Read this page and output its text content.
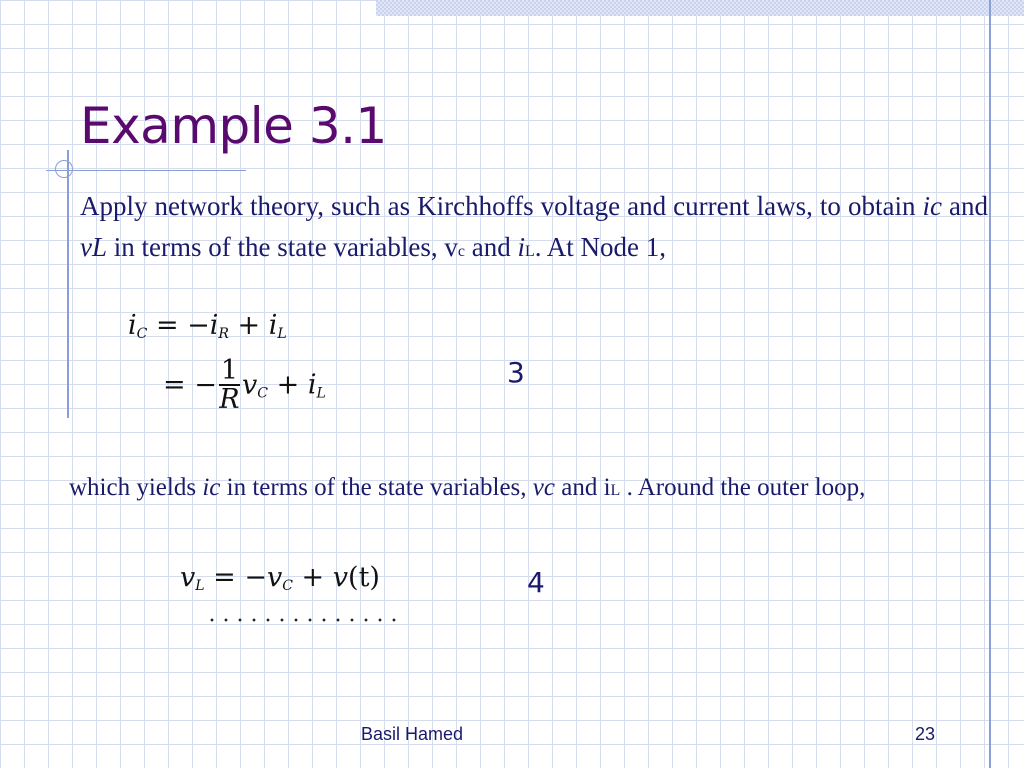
Example 3.1

Apply network theory, such as Kirchhoffs voltage and current laws, to obtain ic and vL in terms of the state variables, vc and iL. At Node 1,

$i_C = -i_R + i_L$
= − $\frac{1}{R} v_C + i_L$
3

which yields ic in terms of the state variables, vc and iL . Around the outer loop,

$v_L = -v_C + v(t)$	4
Basil Hamed	23
